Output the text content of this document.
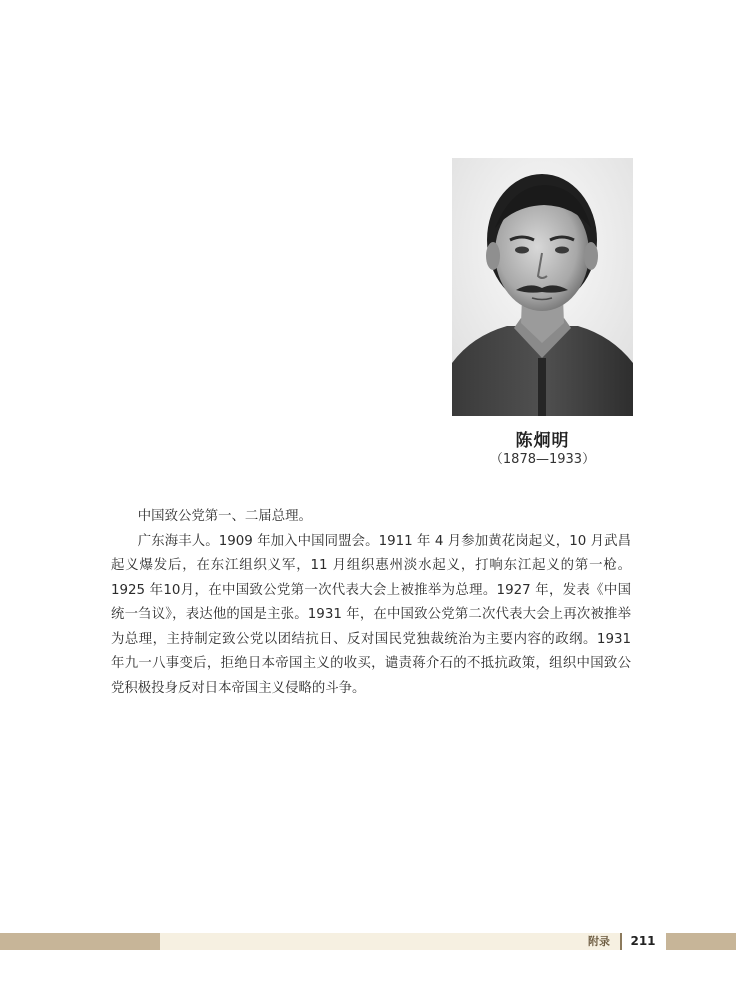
陈炯明
（1878—1933）

中国致公党第一、二届总理。

广东海丰人。1909 年加入中国同盟会。1911 年 4 月参加黄花岗起义，10 月武昌起义爆发后，在东江组织义军，11 月组织惠州淡水起义，打响东江起义的第一枪。1925 年10月，在中国致公党第一次代表大会上被推举为总理。1927 年，发表《中国统一刍议》，表达他的国是主张。1931 年，在中国致公党第二次代表大会上再次被推举为总理，主持制定致公党以团结抗日、反对国民党独裁统治为主要内容的政纲。1931 年九一八事变后，拒绝日本帝国主义的收买，谴责蒋介石的不抵抗政策，组织中国致公党积极投身反对日本帝国主义侵略的斗争。

附录	211
